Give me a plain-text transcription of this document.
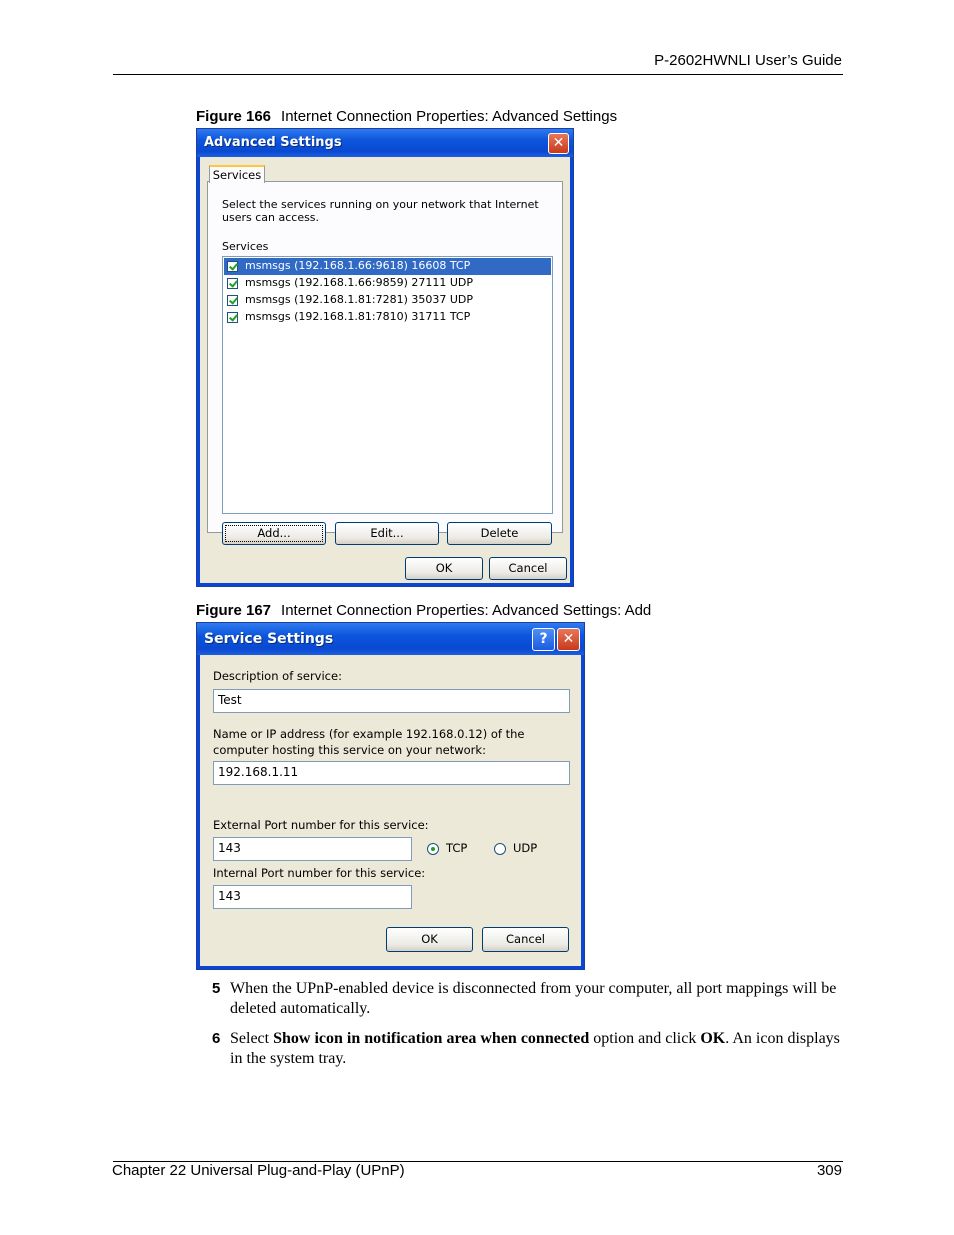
P-2602HWNLI User’s Guide
Figure 166 Internet Connection Properties: Advanced Settings
Advanced Settings	✕
Services
Select the services running on your network that Internet users can access.
Services
msmsgs (192.168.1.66:9618) 16608 TCP
msmsgs (192.168.1.66:9859) 27111 UDP
msmsgs (192.168.1.81:7281) 35037 UDP
msmsgs (192.168.1.81:7810) 31711 TCP
Add...	Edit...	Delete
OK	Cancel
Figure 167 Internet Connection Properties: Advanced Settings: Add
Service Settings	?	✕
Description of service:
Test
Name or IP address (for example 192.168.0.12) of the
computer hosting this service on your network:
192.168.1.11
External Port number for this service:
143	TCP	UDP
Internal Port number for this service:
143
OK	Cancel
5 When the UPnP-enabled device is disconnected from your computer, all port mappings will be deleted automatically.
6 Select Show icon in notification area when connected option and click OK. An icon displays in the system tray.
Chapter 22 Universal Plug-and-Play (UPnP)	309
